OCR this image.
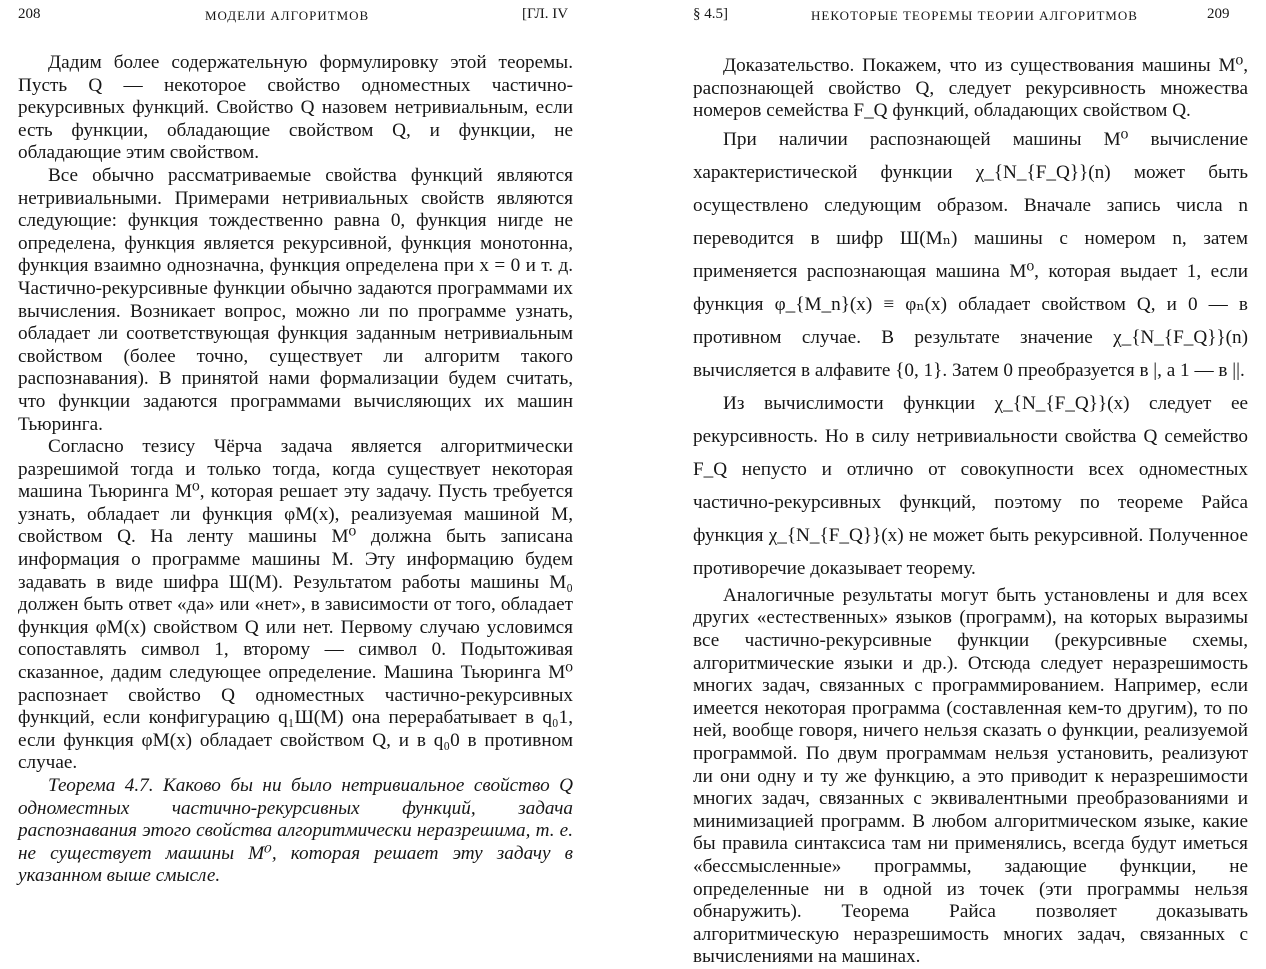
208	МОДЕЛИ АЛГОРИТМОВ	[ГЛ. IV

Дадим более содержательную формулировку этой теоремы. Пусть Q — некоторое свойство одноместных частично-рекурсивных функций. Свойство Q назовем нетривиальным, если есть функции, обладающие свойством Q, и функции, не обладающие этим свойством.

Все обычно рассматриваемые свойства функций являются нетривиальными. Примерами нетривиальных свойств являются следующие: функция тождественно равна 0, функция нигде не определена, функция является рекурсивной, функция монотонна, функция взаимно однозначна, функция определена при x = 0 и т. д. Частично-рекурсивные функции обычно задаются программами их вычисления. Возникает вопрос, можно ли по программе узнать, обладает ли соответствующая функция заданным нетривиальным свойством (более точно, существует ли алгоритм такого распознавания). В принятой нами формализации будем считать, что функции задаются программами вычисляющих их машин Тьюринга.

Согласно тезису Чёрча задача является алгоритмически разрешимой тогда и только тогда, когда существует некоторая машина Тьюринга M⁰, которая решает эту задачу. Пусть требуется узнать, обладает ли функция φM(x), реализуемая машиной M, свойством Q. На ленту машины M⁰ должна быть записана информация о программе машины M. Эту информацию будем задавать в виде шифра Ш(M). Результатом работы машины M₀ должен быть ответ «да» или «нет», в зависимости от того, обладает функция φM(x) свойством Q или нет. Первому случаю условимся сопоставлять символ 1, второму — символ 0. Подытоживая сказанное, дадим следующее определение. Машина Тьюринга M⁰ распознает свойство Q одноместных частично-рекурсивных функций, если конфигурацию q₁Ш(M) она перерабатывает в q₀1, если функция φM(x) обладает свойством Q, и в q₀0 в противном случае.

Теорема 4.7. Каково бы ни было нетривиальное свойство Q одноместных частично-рекурсивных функций, задача распознавания этого свойства алгоритмически неразрешима, т. е. не существует машины M⁰, которая решает эту задачу в указанном выше смысле.

§ 4.5]	НЕКОТОРЫЕ ТЕОРЕМЫ ТЕОРИИ АЛГОРИТМОВ	209

Доказательство. Покажем, что из существования машины M⁰, распознающей свойство Q, следует рекурсивность множества номеров семейства F_Q функций, обладающих свойством Q.

При наличии распознающей машины M⁰ вычисление характеристической функции χ_{N_{F_Q}}(n) может быть осуществлено следующим образом. Вначале запись числа n переводится в шифр Ш(Mₙ) машины с номером n, затем применяется распознающая машина M⁰, которая выдает 1, если функция φ_{M_n}(x) ≡ φₙ(x) обладает свойством Q, и 0 — в противном случае. В результате значение χ_{N_{F_Q}}(n) вычисляется в алфавите {0, 1}. Затем 0 преобразуется в |, а 1 — в ||.

Из вычислимости функции χ_{N_{F_Q}}(x) следует ее рекурсивность. Но в силу нетривиальности свойства Q семейство F_Q непусто и отлично от совокупности всех одноместных частично-рекурсивных функций, поэтому по теореме Райса функция χ_{N_{F_Q}}(x) не может быть рекурсивной. Полученное противоречие доказывает теорему.

Аналогичные результаты могут быть установлены и для всех других «естественных» языков (программ), на которых выразимы все частично-рекурсивные функции (рекурсивные схемы, алгоритмические языки и др.). Отсюда следует неразрешимость многих задач, связанных с программированием. Например, если имеется некоторая программа (составленная кем-то другим), то по ней, вообще говоря, ничего нельзя сказать о функции, реализуемой программой. По двум программам нельзя установить, реализуют ли они одну и ту же функцию, а это приводит к неразрешимости многих задач, связанных с эквивалентными преобразованиями и минимизацией программ. В любом алгоритмическом языке, какие бы правила синтаксиса там ни применялись, всегда будут иметься «бессмысленные» программы, задающие функции, не определенные ни в одной из точек (эти программы нельзя обнаружить). Теорема Райса позволяет доказывать алгоритмическую неразрешимость многих задач, связанных с вычислениями на машинах.
